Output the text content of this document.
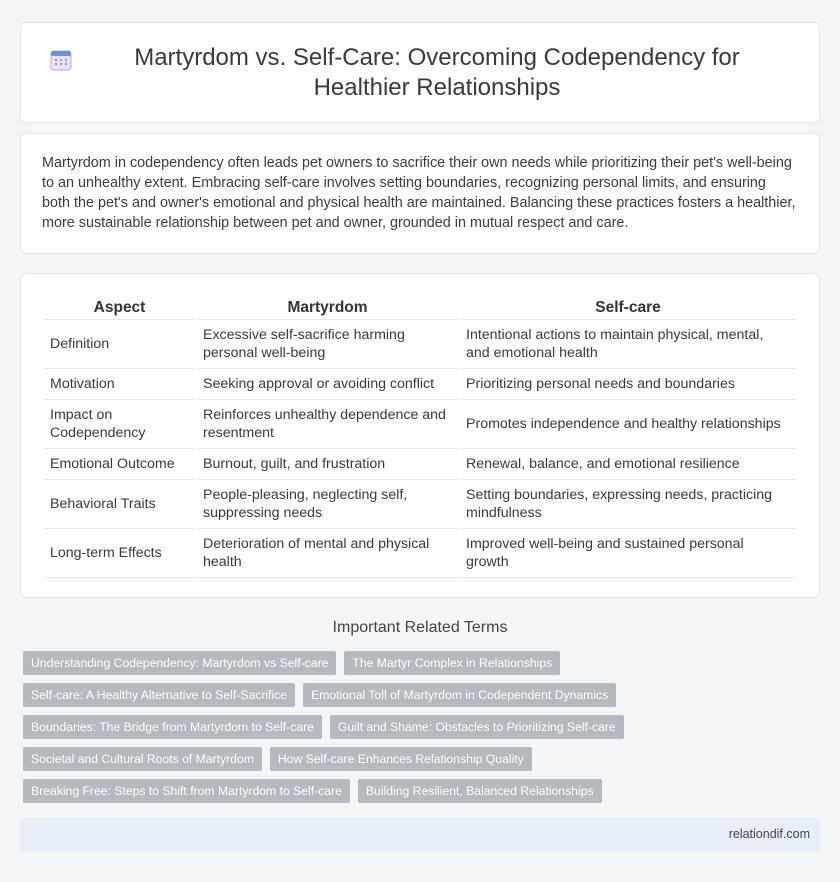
Martyrdom vs. Self-Care: Overcoming Codependency for Healthier Relationships

Martyrdom in codependency often leads pet owners to sacrifice their own needs while prioritizing their pet's well-being to an unhealthy extent. Embracing self-care involves setting boundaries, recognizing personal limits, and ensuring both the pet's and owner's emotional and physical health are maintained. Balancing these practices fosters a healthier, more sustainable relationship between pet and owner, grounded in mutual respect and care.

Aspect	Martyrdom	Self-care
Definition	Excessive self-sacrifice harming personal well-being	Intentional actions to maintain physical, mental, and emotional health
Motivation	Seeking approval or avoiding conflict	Prioritizing personal needs and boundaries
Impact on Codependency	Reinforces unhealthy dependence and resentment	Promotes independence and healthy relationships
Emotional Outcome	Burnout, guilt, and frustration	Renewal, balance, and emotional resilience
Behavioral Traits	People-pleasing, neglecting self, suppressing needs	Setting boundaries, expressing needs, practicing mindfulness
Long-term Effects	Deterioration of mental and physical health	Improved well-being and sustained personal growth
Important Related Terms
Understanding Codependency: Martyrdom vs Self-care	The Martyr Complex in Relationships
Self-care: A Healthy Alternative to Self-Sacrifice	Emotional Toll of Martyrdom in Codependent Dynamics
Boundaries: The Bridge from Martyrdom to Self-care	Guilt and Shame: Obstacles to Prioritizing Self-care
Societal and Cultural Roots of Martyrdom	How Self-care Enhances Relationship Quality
Breaking Free: Steps to Shift from Martyrdom to Self-care	Building Resilient, Balanced Relationships
relationdif.com
